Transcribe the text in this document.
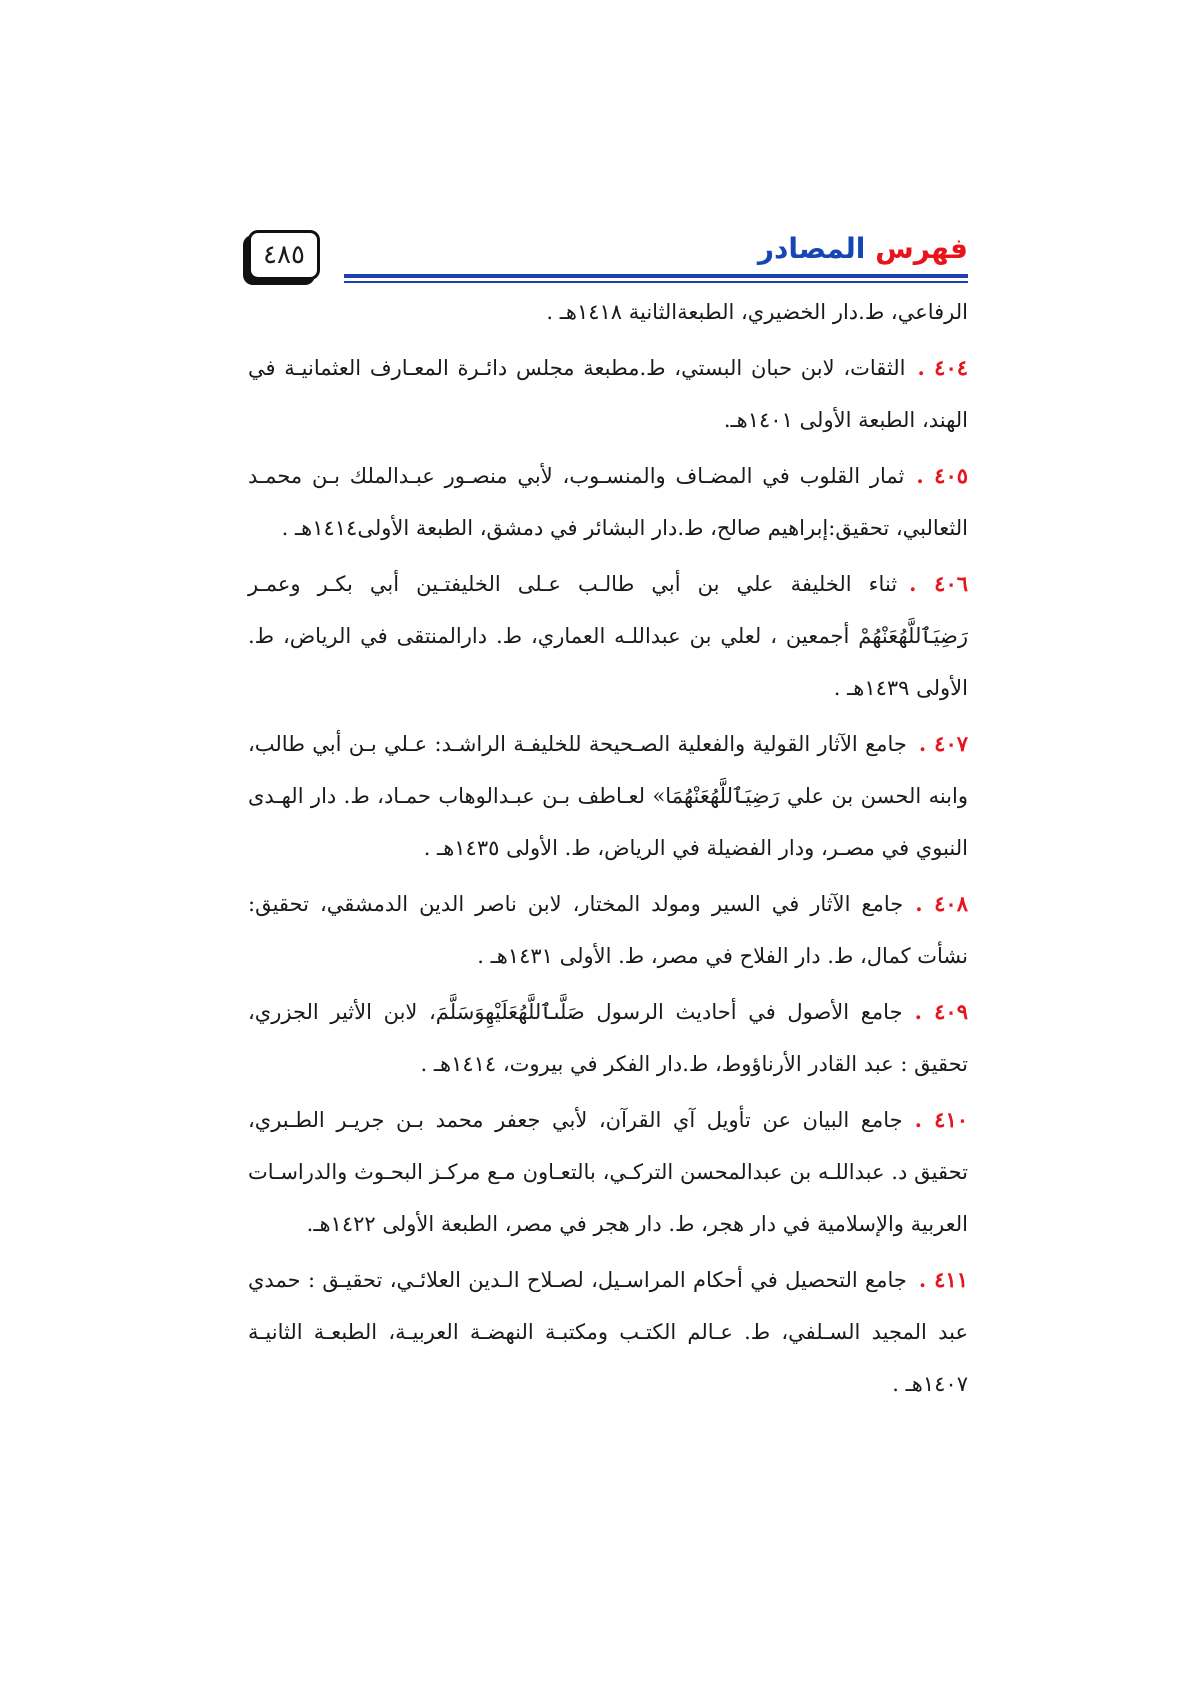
٤٨٥	فهرس المصادر

الرفاعي، ط.دار الخضيري، الطبعةالثانية ١٤١٨هـ .

٤٠٤ .الثقات، لابن حبان البستي، ط.مطبعة مجلس دائـرة المعـارف العثمانيـة في الهند، الطبعة الأولى ١٤٠١هـ.

٤٠٥ .ثمار القلوب في المضـاف والمنسـوب، لأبي منصـور عبـدالملك بـن محمـد الثعالبي، تحقيق:إبراهيم صالح، ط.دار البشائر في دمشق، الطبعة الأولى١٤١٤هـ .

٤٠٦ .ثناء الخليفة علي بن أبي طالـب عـلى الخليفتـين أبي بكـر وعمـر رَضِيَٱللَّهُعَنْهُمْ أجمعين ، لعلي بن عبداللـه العماري، ط. دارالمنتقى في الرياض، ط. الأولى ١٤٣٩هـ .

٤٠٧ .جامع الآثار القولية والفعلية الصـحيحة للخليفـة الراشـد: عـلي بـن أبي طالب، وابنه الحسن بن علي رَضِيَٱللَّهُعَنْهُمَا» لعـاطف بـن عبـدالوهاب حمـاد، ط. دار الهـدى النبوي في مصـر، ودار الفضيلة في الرياض، ط. الأولى ١٤٣٥هـ .

٤٠٨ .جامع الآثار في السير ومولد المختار، لابن ناصر الدين الدمشقي، تحقيق: نشأت كمال، ط. دار الفلاح في مصر، ط. الأولى ١٤٣١هـ .

٤٠٩ .جامع الأصول في أحاديث الرسول صَلَّىٱللَّهُعَلَيْهِوَسَلَّمَ، لابن الأثير الجزري، تحقيق : عبد القادر الأرناؤوط، ط.دار الفكر في بيروت، ١٤١٤هـ .

٤١٠ .جامع البيان عن تأويل آي القرآن، لأبي جعفر محمد بـن جريـر الطـبري، تحقيق د. عبداللـه بن عبدالمحسن التركـي، بالتعـاون مـع مركـز البحـوث والدراسـات العربية والإسلامية في دار هجر، ط. دار هجر في مصر، الطبعة الأولى ١٤٢٢هـ.

٤١١ .جامع التحصيل في أحكام المراسـيل، لصـلاح الـدين العلائـي، تحقيـق : حمدي عبد المجيد السـلفي، ط. عـالم الكتـب ومكتبـة النهضـة العربيـة، الطبعـة الثانيـة ١٤٠٧هـ .
